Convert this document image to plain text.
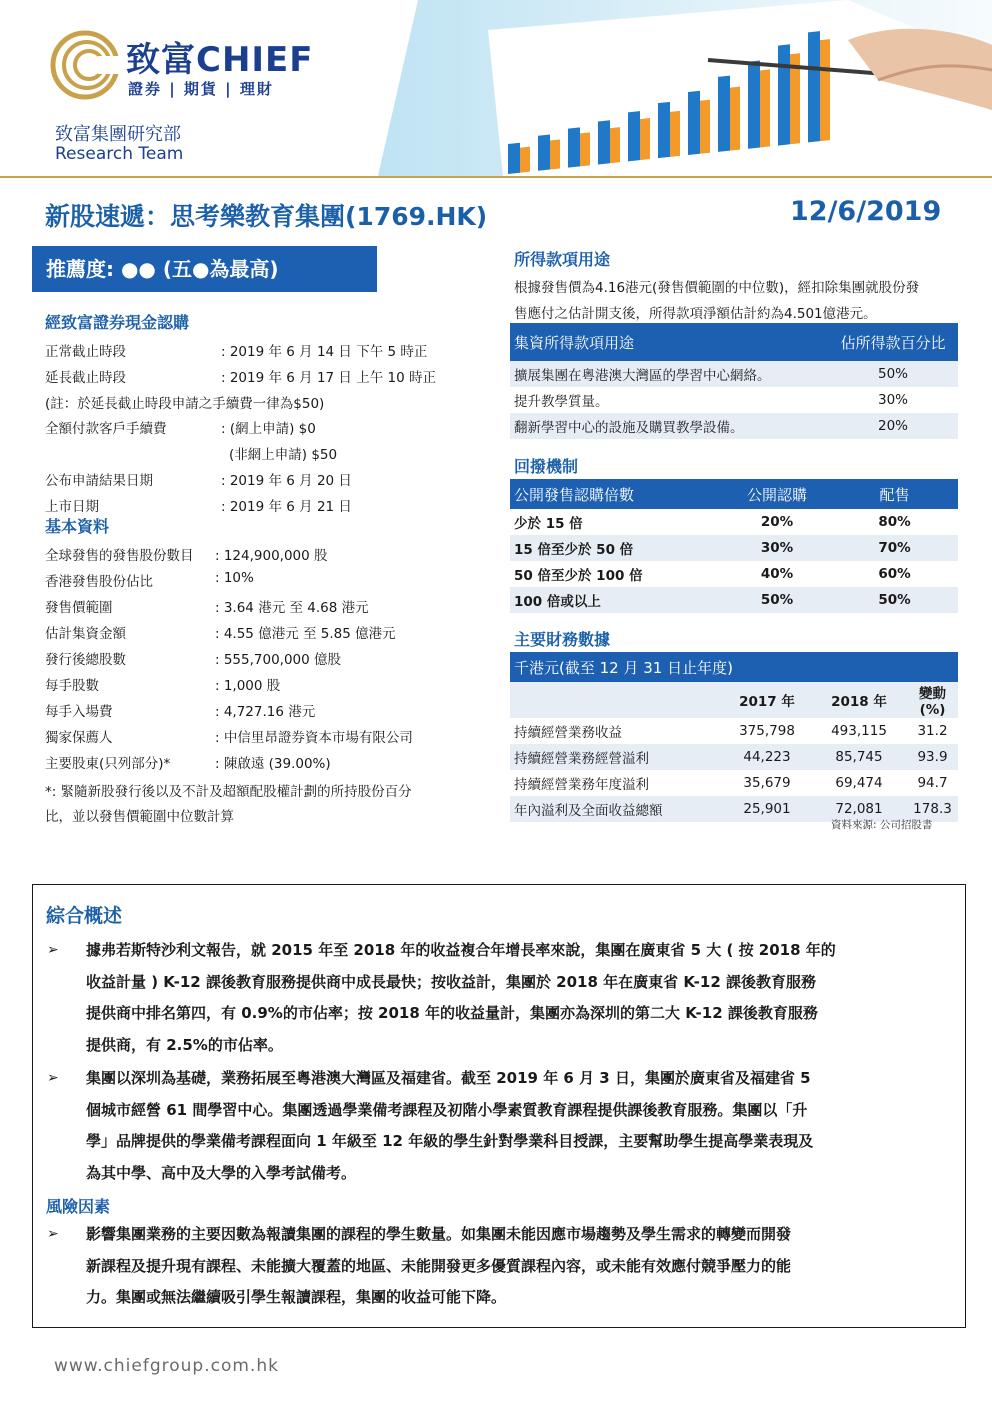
致富CHIEF
證券 | 期貨 | 理財
致富集團研究部
Research Team
新股速遞：思考樂教育集團(1769.HK)	12/6/2019
推薦度: ●● (五●為最高)
經致富證券現金認購
正常截止時段	: 2019 年 6 月 14 日 下午 5 時正
延長截止時段	: 2019 年 6 月 17 日 上午 10 時正
(註：於延長截止時段申請之手續費一律為$50)
全額付款客戶手續費	: (網上申請) $0
(非網上申請) $50
公布申請結果日期	: 2019 年 6 月 20 日
上市日期	: 2019 年 6 月 21 日
基本資料
全球發售的發售股份數目 : 124,900,000 股
香港發售股份佔比	: 10%
發售價範圍	: 3.64 港元 至 4.68 港元
估計集資金額	: 4.55 億港元 至 5.85 億港元
發行後總股數	: 555,700,000 億股
每手股數	: 1,000 股
每手入場費	: 4,727.16 港元
獨家保薦人	: 中信里昂證券資本市場有限公司
主要股東(只列部分)*	: 陳啟遠 (39.00%)
*: 緊隨新股發行後以及不計及超額配股權計劃的所持股份百分
比，並以發售價範圍中位數計算
所得款項用途
根據發售價為4.16港元(發售價範圍的中位數)，經扣除集團就股份發
售應付之估計開支後，所得款項淨額估計約為4.501億港元。
集資所得款項用途	佔所得款百分比
擴展集團在粵港澳大灣區的學習中心網絡。	50%
提升教學質量。	30%
翻新學習中心的設施及購買教學設備。	20%
回撥機制
公開發售認購倍數	公開認購	配售
少於 15 倍	20%	80%
15 倍至少於 50 倍	30%	70%
50 倍至少於 100 倍	40%	60%
100 倍或以上	50%	50%
主要財務數據
千港元(截至 12 月 31 日止年度)			
	2017 年	2018 年	變動(%)
持續經營業務收益	375,798	493,115	31.2
持續經營業務經營溢利	44,223	85,745	93.9
持續經營業務年度溢利	35,679	69,474	94.7
年內溢利及全面收益總額	25,901	72,081	178.3
資料來源: 公司招股書
綜合概述
➢ 據弗若斯特沙利文報告，就 2015 年至 2018 年的收益複合年增長率來說，集團在廣東省 5 大 ( 按 2018 年的
收益計量 ) K-12 課後教育服務提供商中成長最快；按收益計，集團於 2018 年在廣東省 K-12 課後教育服務
提供商中排名第四，有 0.9%的市佔率；按 2018 年的收益量計，集團亦為深圳的第二大 K-12 課後教育服務
提供商，有 2.5%的市佔率。
➢ 集團以深圳為基礎，業務拓展至粵港澳大灣區及福建省。截至 2019 年 6 月 3 日，集團於廣東省及福建省 5
個城市經營 61 間學習中心。集團透過學業備考課程及初階小學素質教育課程提供課後教育服務。集團以「升
學」品牌提供的學業備考課程面向 1 年級至 12 年級的學生針對學業科目授課，主要幫助學生提高學業表現及
為其中學、高中及大學的入學考試備考。
風險因素
➢ 影響集團業務的主要因數為報讀集團的課程的學生數量。如集團未能因應市場趨勢及學生需求的轉變而開發
新課程及提升現有課程、未能擴大覆蓋的地區、未能開發更多優質課程內容，或未能有效應付競爭壓力的能
力。集團或無法繼續吸引學生報讀課程，集團的收益可能下降。
www.chiefgroup.com.hk
